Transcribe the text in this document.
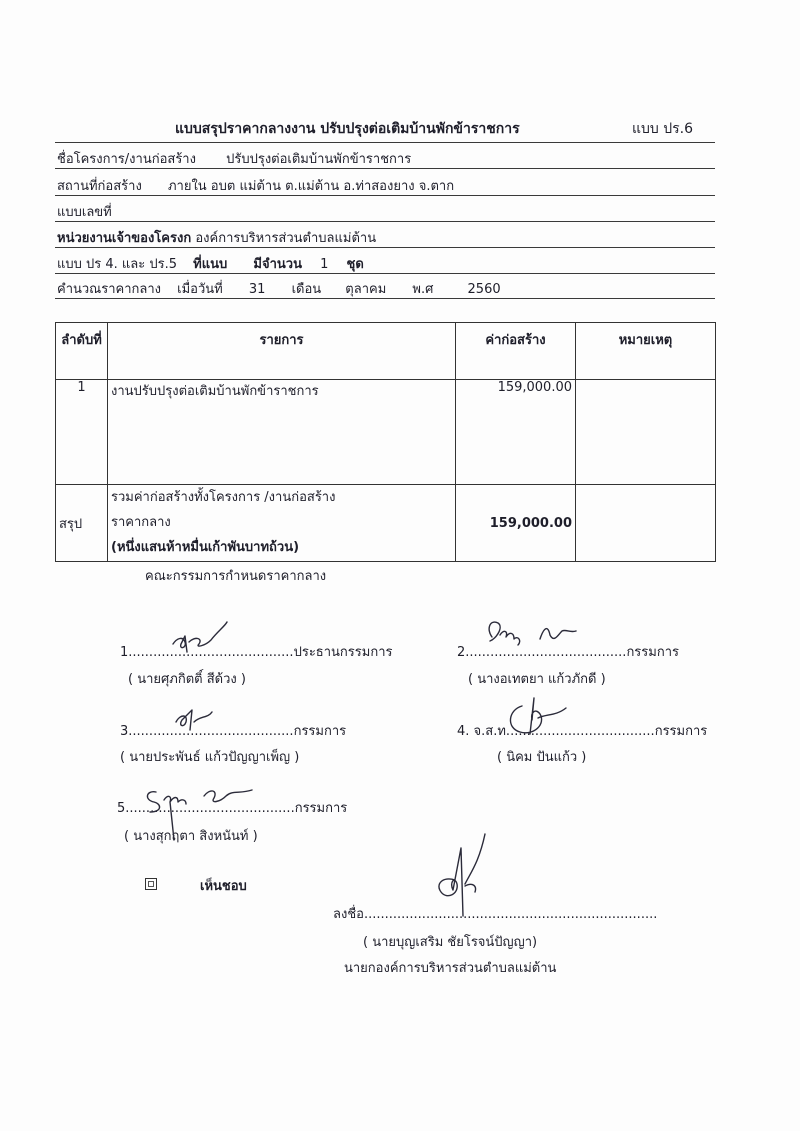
แบบสรุปราคากลางงาน ปรับปรุงต่อเติมบ้านพักข้าราชการ	แบบ ปร.6
ชื่อโครงการ/งานก่อสร้าง ปรับปรุงต่อเติมบ้านพักข้าราชการ
สถานที่ก่อสร้าง ภายใน อบต แม่ต้าน ต.แม่ต้าน อ.ท่าสองยาง จ.ตาก
แบบเลขที่
หน่วยงานเจ้าของโครงก องค์การบริหารส่วนตำบลแม่ต้าน
แบบ ปร 4. และ ปร.5 ที่แนบ มีจำนวน 1 ชุด
คำนวณราคากลาง เมื่อวันที่ 31 เดือน ตุลาคม พ.ศ	2560
ลำดับที่	รายการ	ค่าก่อสร้าง	หมายเหตุ
1	งานปรับปรุงต่อเติมบ้านพักข้าราชการ	159,000.00	
สรุป	รวมค่าก่อสร้างทั้งโครงการ /งานก่อสร้าง
ราคากลาง
(หนึ่งแสนห้าหมื่นเก้าพันบาทถ้วน)	159,000.00	
คณะกรรมการกำหนดราคากลาง
1........................................ประธานกรรมการ
( นายศุภกิตติ์ สีด้วง )
2.......................................กรรมการ
( นางอเทตยา แก้วภักดี )
3........................................กรรมการ
( นายประพันธ์ แก้วปัญญาเพ็ญ )
4. จ.ส.ท....................................กรรมการ
( นิคม ปันแก้ว )
5.........................................กรรมการ
( นางสุกฤตา สิงหนันท์ )
เห็นชอบ
ลงชื่อ.......................................................................
( นายบุญเสริม ชัยโรจน์ปัญญา)
นายกองค์การบริหารส่วนตำบลแม่ต้าน
